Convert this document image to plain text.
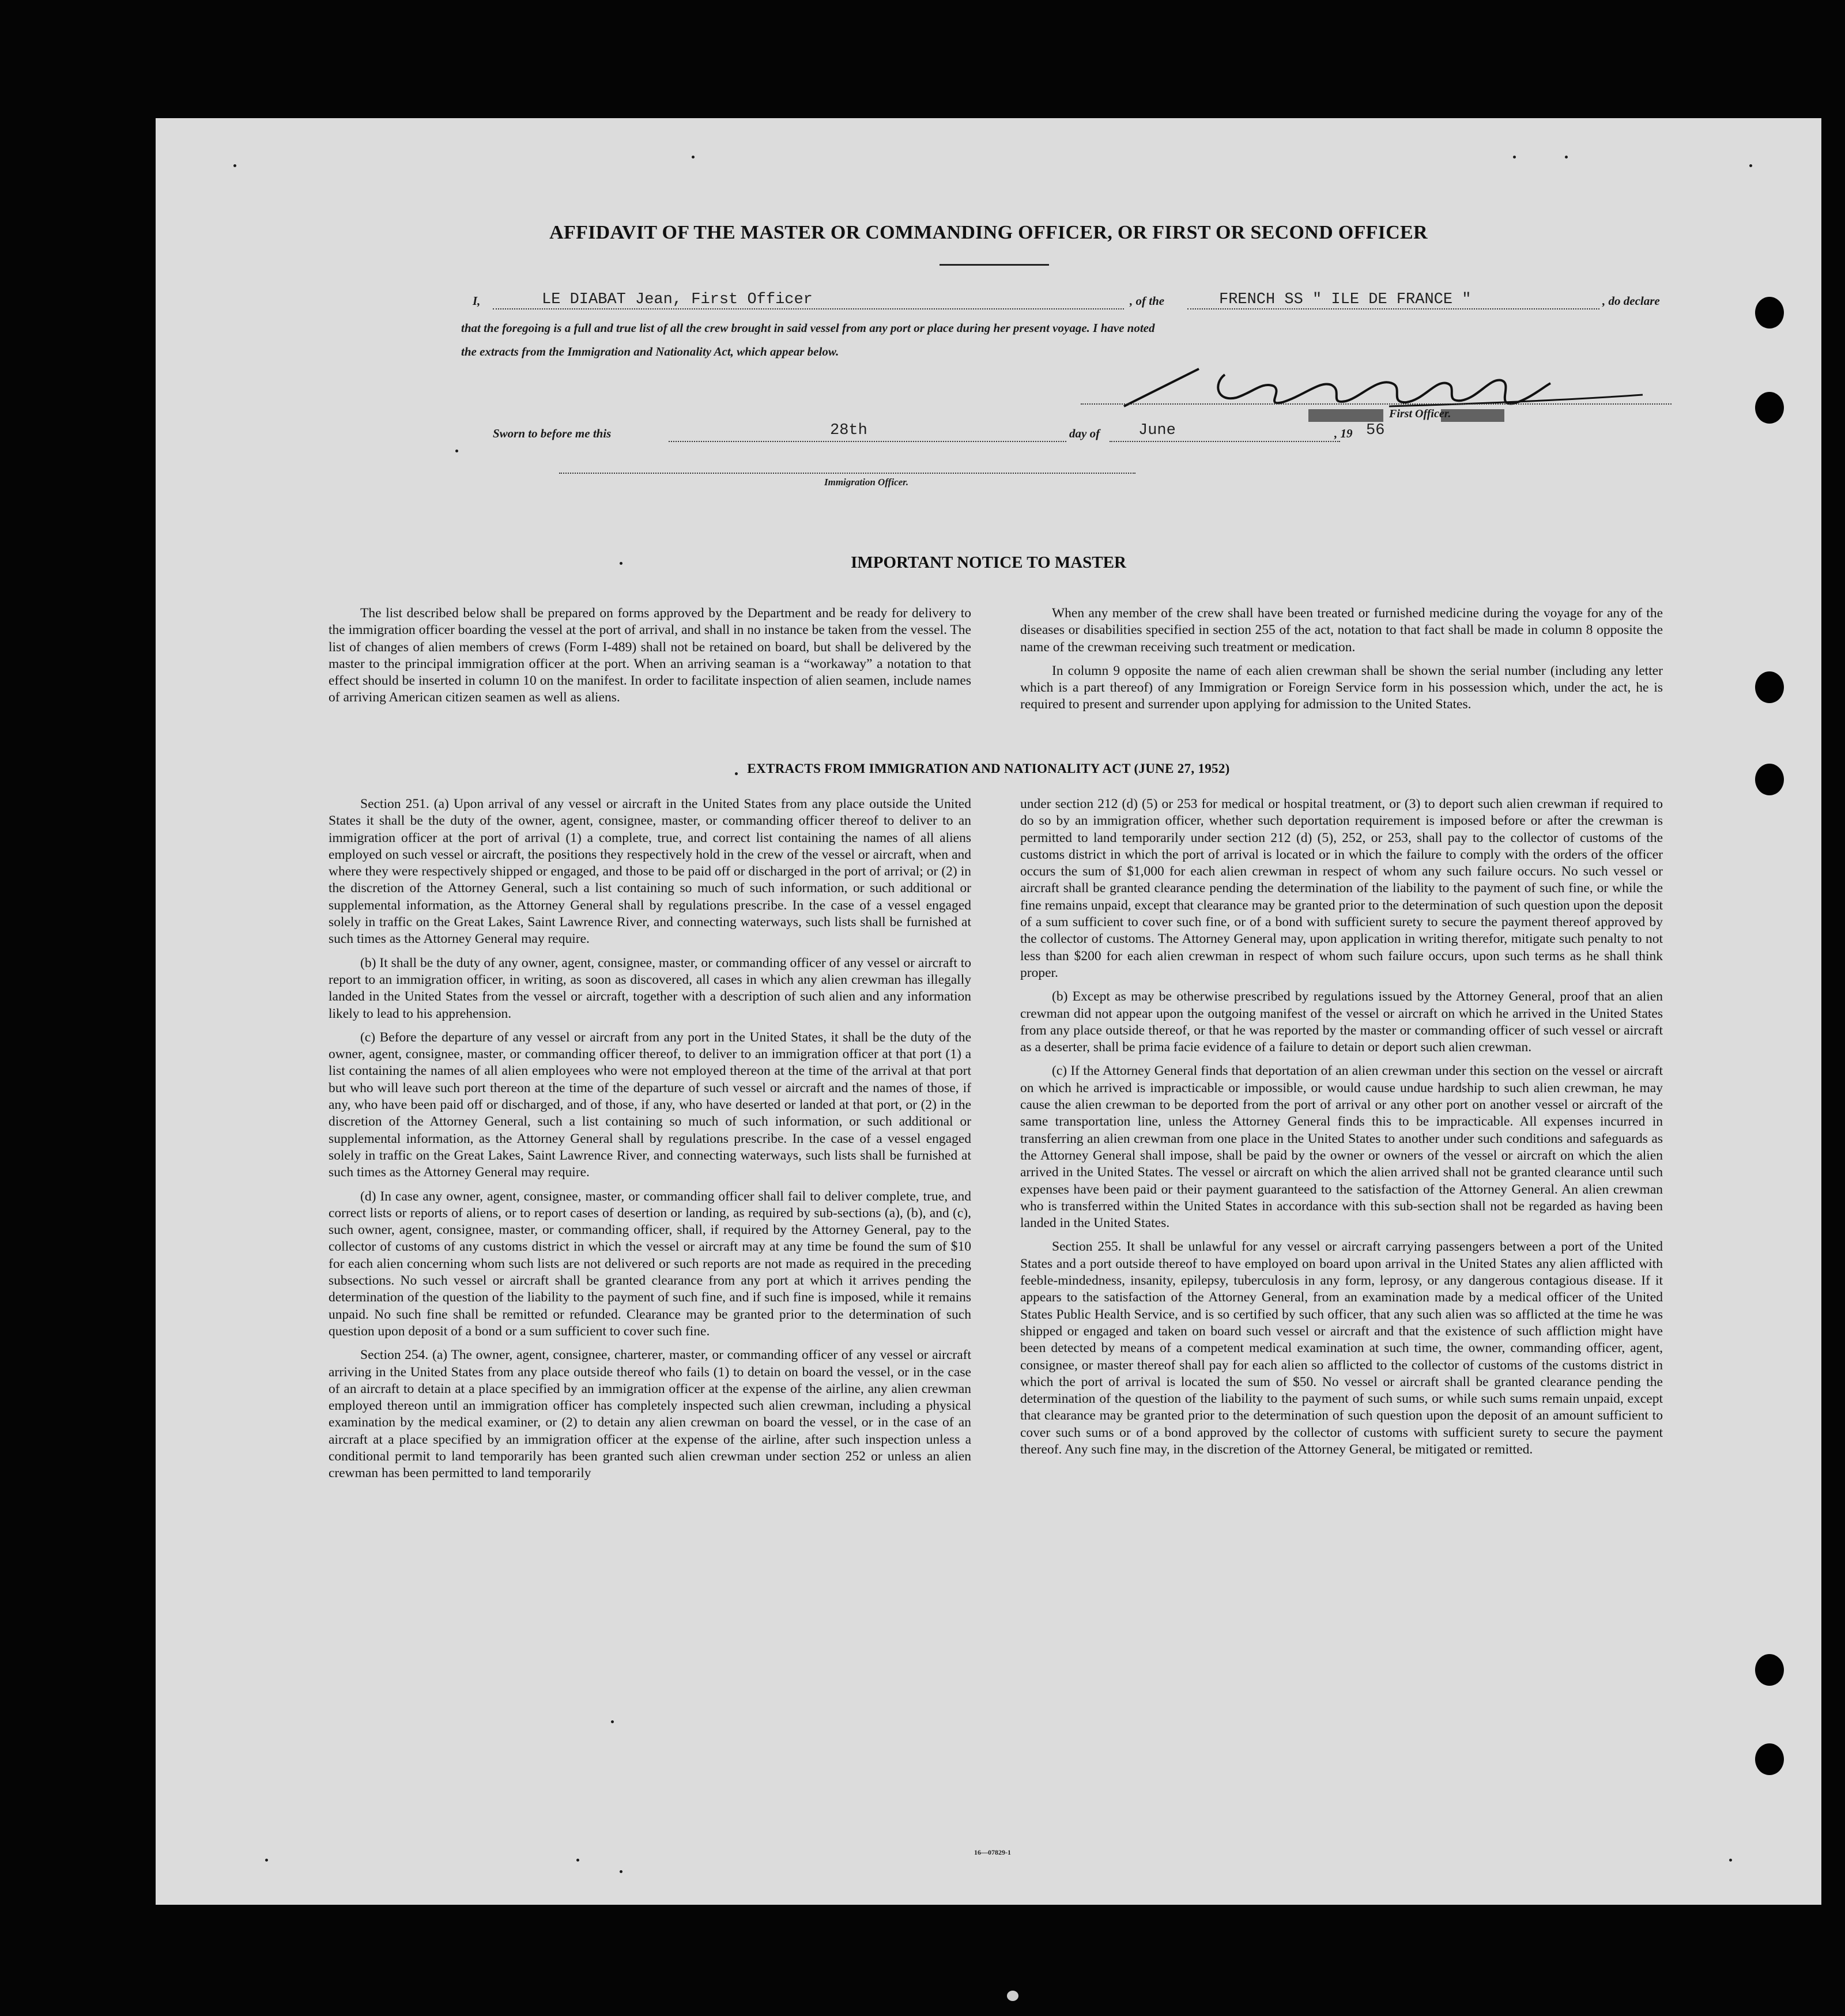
AFFIDAVIT OF THE MASTER OR COMMANDING OFFICER, OR FIRST OR SECOND OFFICER
I,	LE DIABAT Jean, First Officer	, of the	FRENCH SS " ILE DE FRANCE "	, do declare
that the foregoing is a full and true list of all the crew brought in said vessel from any port or place during her present voyage. I have noted
the extracts from the Immigration and Nationality Act, which appear below.
First Officer.
Sworn to before me this	28th	day of June	, 19 56
Immigration Officer.
IMPORTANT NOTICE TO MASTER

The list described below shall be prepared on forms approved by the Department and be ready for delivery to the immigration officer boarding the vessel at the port of arrival, and shall in no instance be taken from the vessel. The list of changes of alien members of crews (Form I-489) shall not be retained on board, but shall be delivered by the master to the principal immigration officer at the port. When an arriving seaman is a “workaway” a notation to that effect should be inserted in column 10 on the manifest. In order to facilitate inspection of alien seamen, include names of arriving American citizen seamen as well as aliens.

When any member of the crew shall have been treated or furnished medicine during the voyage for any of the diseases or disabilities specified in section 255 of the act, notation to that fact shall be made in column 8 opposite the name of the crewman receiving such treatment or medication.

In column 9 opposite the name of each alien crewman shall be shown the serial number (including any letter which is a part thereof) of any Immigration or Foreign Service form in his possession which, under the act, he is required to present and surrender upon applying for admission to the United States.

EXTRACTS FROM IMMIGRATION AND NATIONALITY ACT (JUNE 27, 1952)

Section 251. (a) Upon arrival of any vessel or aircraft in the United States from any place outside the United States it shall be the duty of the owner, agent, consignee, master, or commanding officer thereof to deliver to an immigration officer at the port of arrival (1) a complete, true, and correct list containing the names of all aliens employed on such vessel or aircraft, the positions they respectively hold in the crew of the vessel or aircraft, when and where they were respectively shipped or engaged, and those to be paid off or discharged in the port of arrival; or (2) in the discretion of the Attorney General, such a list containing so much of such information, or such additional or supplemental information, as the Attorney General shall by regulations prescribe. In the case of a vessel engaged solely in traffic on the Great Lakes, Saint Lawrence River, and connecting waterways, such lists shall be furnished at such times as the Attorney General may require.

(b) It shall be the duty of any owner, agent, consignee, master, or commanding officer of any vessel or aircraft to report to an immigration officer, in writing, as soon as discovered, all cases in which any alien crewman has illegally landed in the United States from the vessel or aircraft, together with a description of such alien and any information likely to lead to his apprehension.

(c) Before the departure of any vessel or aircraft from any port in the United States, it shall be the duty of the owner, agent, consignee, master, or commanding officer thereof, to deliver to an immigration officer at that port (1) a list containing the names of all alien employees who were not employed thereon at the time of the arrival at that port but who will leave such port thereon at the time of the departure of such vessel or aircraft and the names of those, if any, who have been paid off or discharged, and of those, if any, who have deserted or landed at that port, or (2) in the discretion of the Attorney General, such a list containing so much of such information, or such additional or supplemental information, as the Attorney General shall by regulations prescribe. In the case of a vessel engaged solely in traffic on the Great Lakes, Saint Lawrence River, and connecting waterways, such lists shall be furnished at such times as the Attorney General may require.

(d) In case any owner, agent, consignee, master, or commanding officer shall fail to deliver complete, true, and correct lists or reports of aliens, or to report cases of desertion or landing, as required by sub-sections (a), (b), and (c), such owner, agent, consignee, master, or commanding officer, shall, if required by the Attorney General, pay to the collector of customs of any customs district in which the vessel or aircraft may at any time be found the sum of $10 for each alien concerning whom such lists are not delivered or such reports are not made as required in the preceding subsections. No such vessel or aircraft shall be granted clearance from any port at which it arrives pending the determination of the question of the liability to the payment of such fine, and if such fine is imposed, while it remains unpaid. No such fine shall be remitted or refunded. Clearance may be granted prior to the determination of such question upon deposit of a bond or a sum sufficient to cover such fine.

Section 254. (a) The owner, agent, consignee, charterer, master, or commanding officer of any vessel or aircraft arriving in the United States from any place outside thereof who fails (1) to detain on board the vessel, or in the case of an aircraft to detain at a place specified by an immigration officer at the expense of the airline, any alien crewman employed thereon until an immigration officer has completely inspected such alien crewman, including a physical examination by the medical examiner, or (2) to detain any alien crewman on board the vessel, or in the case of an aircraft at a place specified by an immigration officer at the expense of the airline, after such inspection unless a conditional permit to land temporarily has been granted such alien crewman under section 252 or unless an alien crewman has been permitted to land temporarily

under section 212 (d) (5) or 253 for medical or hospital treatment, or (3) to deport such alien crewman if required to do so by an immigration officer, whether such deportation requirement is imposed before or after the crewman is permitted to land temporarily under section 212 (d) (5), 252, or 253, shall pay to the collector of customs of the customs district in which the port of arrival is located or in which the failure to comply with the orders of the officer occurs the sum of $1,000 for each alien crewman in respect of whom any such failure occurs. No such vessel or aircraft shall be granted clearance pending the determination of the liability to the payment of such fine, or while the fine remains unpaid, except that clearance may be granted prior to the determination of such question upon the deposit of a sum sufficient to cover such fine, or of a bond with sufficient surety to secure the payment thereof approved by the collector of customs. The Attorney General may, upon application in writing therefor, mitigate such penalty to not less than $200 for each alien crewman in respect of whom such failure occurs, upon such terms as he shall think proper.

(b) Except as may be otherwise prescribed by regulations issued by the Attorney General, proof that an alien crewman did not appear upon the outgoing manifest of the vessel or aircraft on which he arrived in the United States from any place outside thereof, or that he was reported by the master or commanding officer of such vessel or aircraft as a deserter, shall be prima facie evidence of a failure to detain or deport such alien crewman.

(c) If the Attorney General finds that deportation of an alien crewman under this section on the vessel or aircraft on which he arrived is impracticable or impossible, or would cause undue hardship to such alien crewman, he may cause the alien crewman to be deported from the port of arrival or any other port on another vessel or aircraft of the same transportation line, unless the Attorney General finds this to be impracticable. All expenses incurred in transferring an alien crewman from one place in the United States to another under such conditions and safeguards as the Attorney General shall impose, shall be paid by the owner or owners of the vessel or aircraft on which the alien arrived in the United States. The vessel or aircraft on which the alien arrived shall not be granted clearance until such expenses have been paid or their payment guaranteed to the satisfaction of the Attorney General. An alien crewman who is transferred within the United States in accordance with this sub-section shall not be regarded as having been landed in the United States.

Section 255. It shall be unlawful for any vessel or aircraft carrying passengers between a port of the United States and a port outside thereof to have employed on board upon arrival in the United States any alien afflicted with feeble-mindedness, insanity, epilepsy, tuberculosis in any form, leprosy, or any dangerous contagious disease. If it appears to the satisfaction of the Attorney General, from an examination made by a medical officer of the United States Public Health Service, and is so certified by such officer, that any such alien was so afflicted at the time he was shipped or engaged and taken on board such vessel or aircraft and that the existence of such affliction might have been detected by means of a competent medical examination at such time, the owner, commanding officer, agent, consignee, or master thereof shall pay for each alien so afflicted to the collector of customs of the customs district in which the port of arrival is located the sum of $50. No vessel or aircraft shall be granted clearance pending the determination of the question of the liability to the payment of such sums, or while such sums remain unpaid, except that clearance may be granted prior to the determination of such question upon the deposit of an amount sufficient to cover such sums or of a bond approved by the collector of customs with sufficient surety to secure the payment thereof. Any such fine may, in the discretion of the Attorney General, be mitigated or remitted.

16—07829-1
